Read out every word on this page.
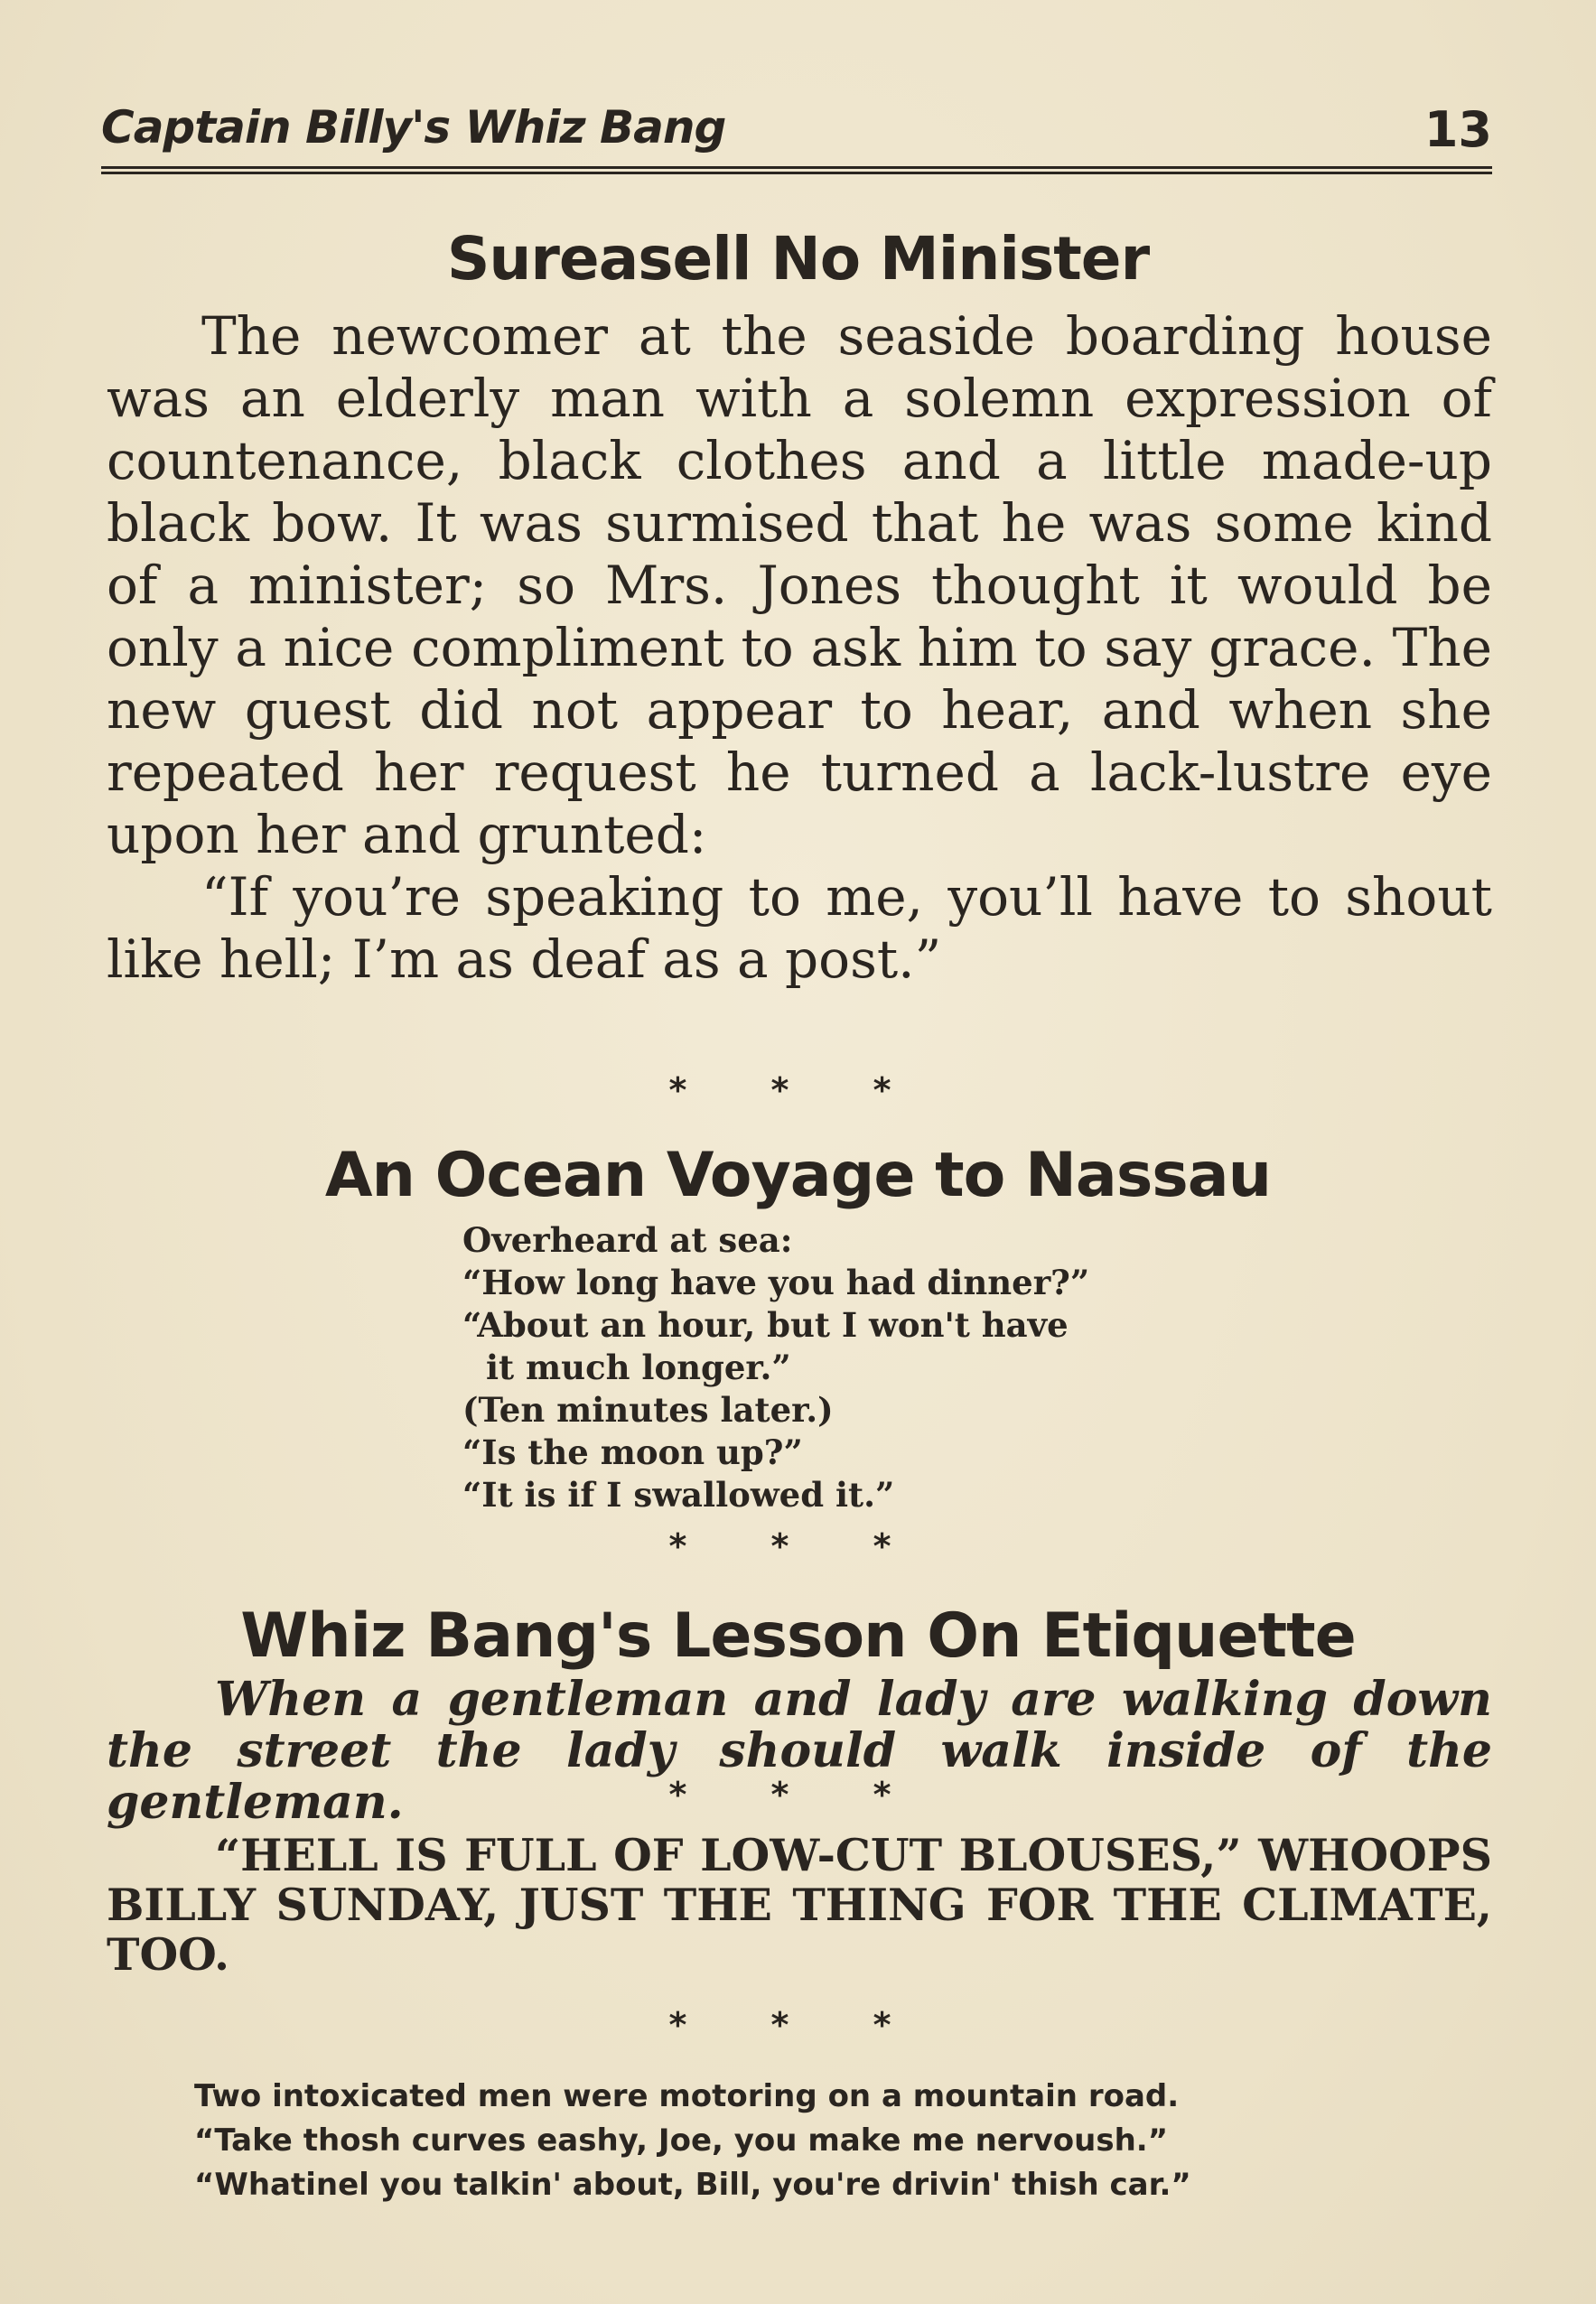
Captain Billy's Whiz Bang	13
Sureasell No Minister

The newcomer at the seaside boarding house was an elderly man with a solemn expression of countenance, black clothes and a little made-up black bow. It was surmised that he was some kind of a minister; so Mrs. Jones thought it would be only a nice compliment to ask him to say grace. The new guest did not appear to hear, and when she repeated her request he turned a lack-lustre eye upon her and grunted:

“If you’re speaking to me, you’ll have to shout like hell; I’m as deaf as a post.”

* * *
An Ocean Voyage to Nassau
Overheard at sea:
“How long have you had dinner?”
“About an hour, but I won't have
it much longer.”
(Ten minutes later.)
“Is the moon up?”
“It is if I swallowed it.”
* * *
Whiz Bang's Lesson On Etiquette

When a gentleman and lady are walking down the street the lady should walk inside of the gentleman.	* * *

“HELL IS FULL OF LOW-CUT BLOUSES,” WHOOPS BILLY SUNDAY, JUST THE THING FOR THE CLIMATE, TOO.

* * *
Two intoxicated men were motoring on a mountain road.
“Take thosh curves eashy, Joe, you make me nervoush.”
“Whatinel you talkin' about, Bill, you're drivin' thish car.”
